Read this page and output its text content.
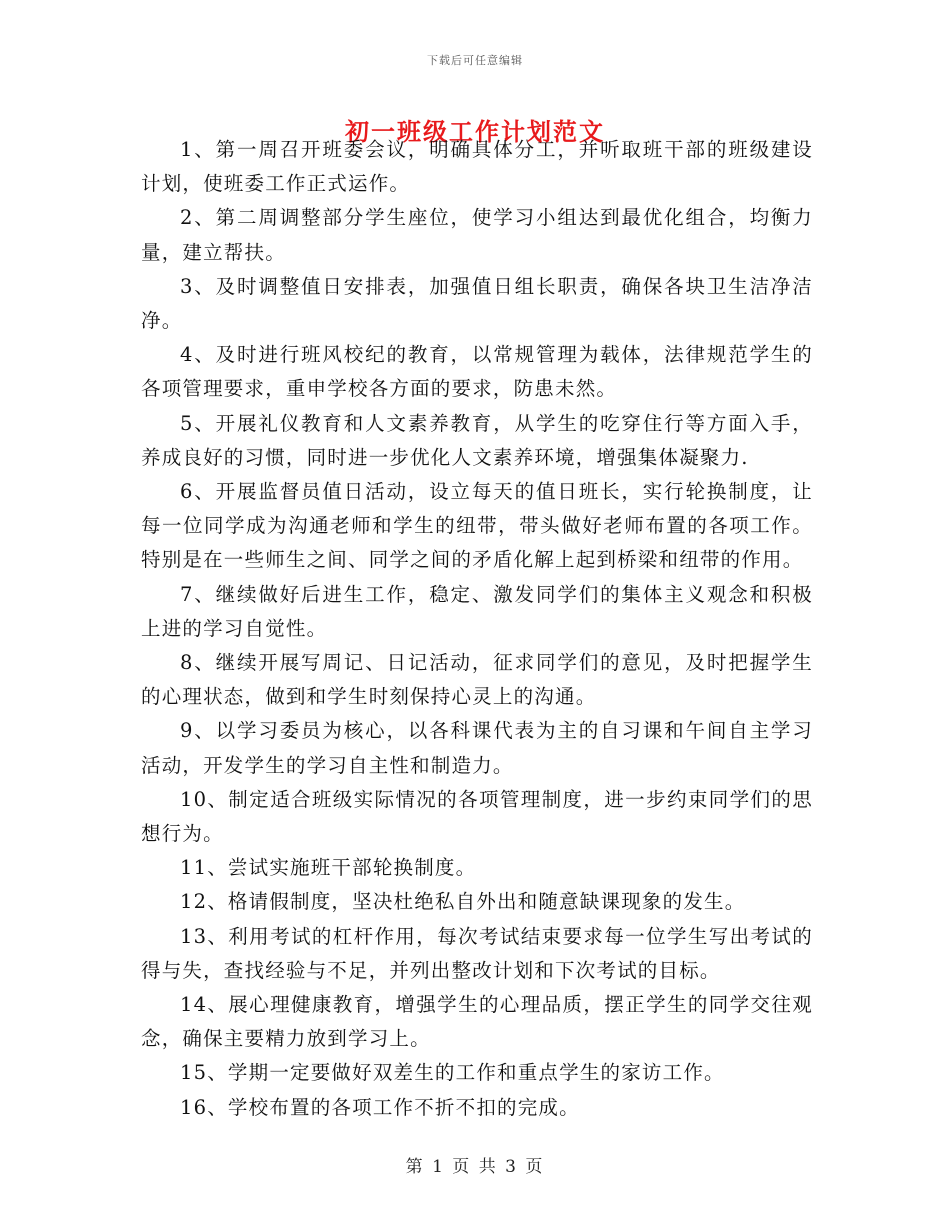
下载后可任意编辑
初一班级工作计划范文

1、第一周召开班委会议，明确具体分工，并听取班干部的班级建设计划，使班委工作正式运作。

2、第二周调整部分学生座位，使学习小组达到最优化组合，均衡力量，建立帮扶。

3、及时调整值日安排表，加强值日组长职责，确保各块卫生洁净洁净。

4、及时进行班风校纪的教育，以常规管理为载体，法律规范学生的各项管理要求，重申学校各方面的要求，防患未然。

5、开展礼仪教育和人文素养教育，从学生的吃穿住行等方面入手，养成良好的习惯，同时进一步优化人文素养环境，增强集体凝聚力.

6、开展监督员值日活动，设立每天的值日班长，实行轮换制度，让每一位同学成为沟通老师和学生的纽带，带头做好老师布置的各项工作。特别是在一些师生之间、同学之间的矛盾化解上起到桥梁和纽带的作用。

7、继续做好后进生工作，稳定、激发同学们的集体主义观念和积极上进的学习自觉性。

8、继续开展写周记、日记活动，征求同学们的意见，及时把握学生的心理状态，做到和学生时刻保持心灵上的沟通。

9、以学习委员为核心，以各科课代表为主的自习课和午间自主学习活动，开发学生的学习自主性和制造力。

10、制定适合班级实际情况的各项管理制度，进一步约束同学们的思想行为。

11、尝试实施班干部轮换制度。

12、格请假制度，坚决杜绝私自外出和随意缺课现象的发生。

13、利用考试的杠杆作用，每次考试结束要求每一位学生写出考试的得与失，查找经验与不足，并列出整改计划和下次考试的目标。

14、展心理健康教育，增强学生的心理品质，摆正学生的同学交往观念，确保主要精力放到学习上。

15、学期一定要做好双差生的工作和重点学生的家访工作。

16、学校布置的各项工作不折不扣的完成。

第 1 页 共 3 页
